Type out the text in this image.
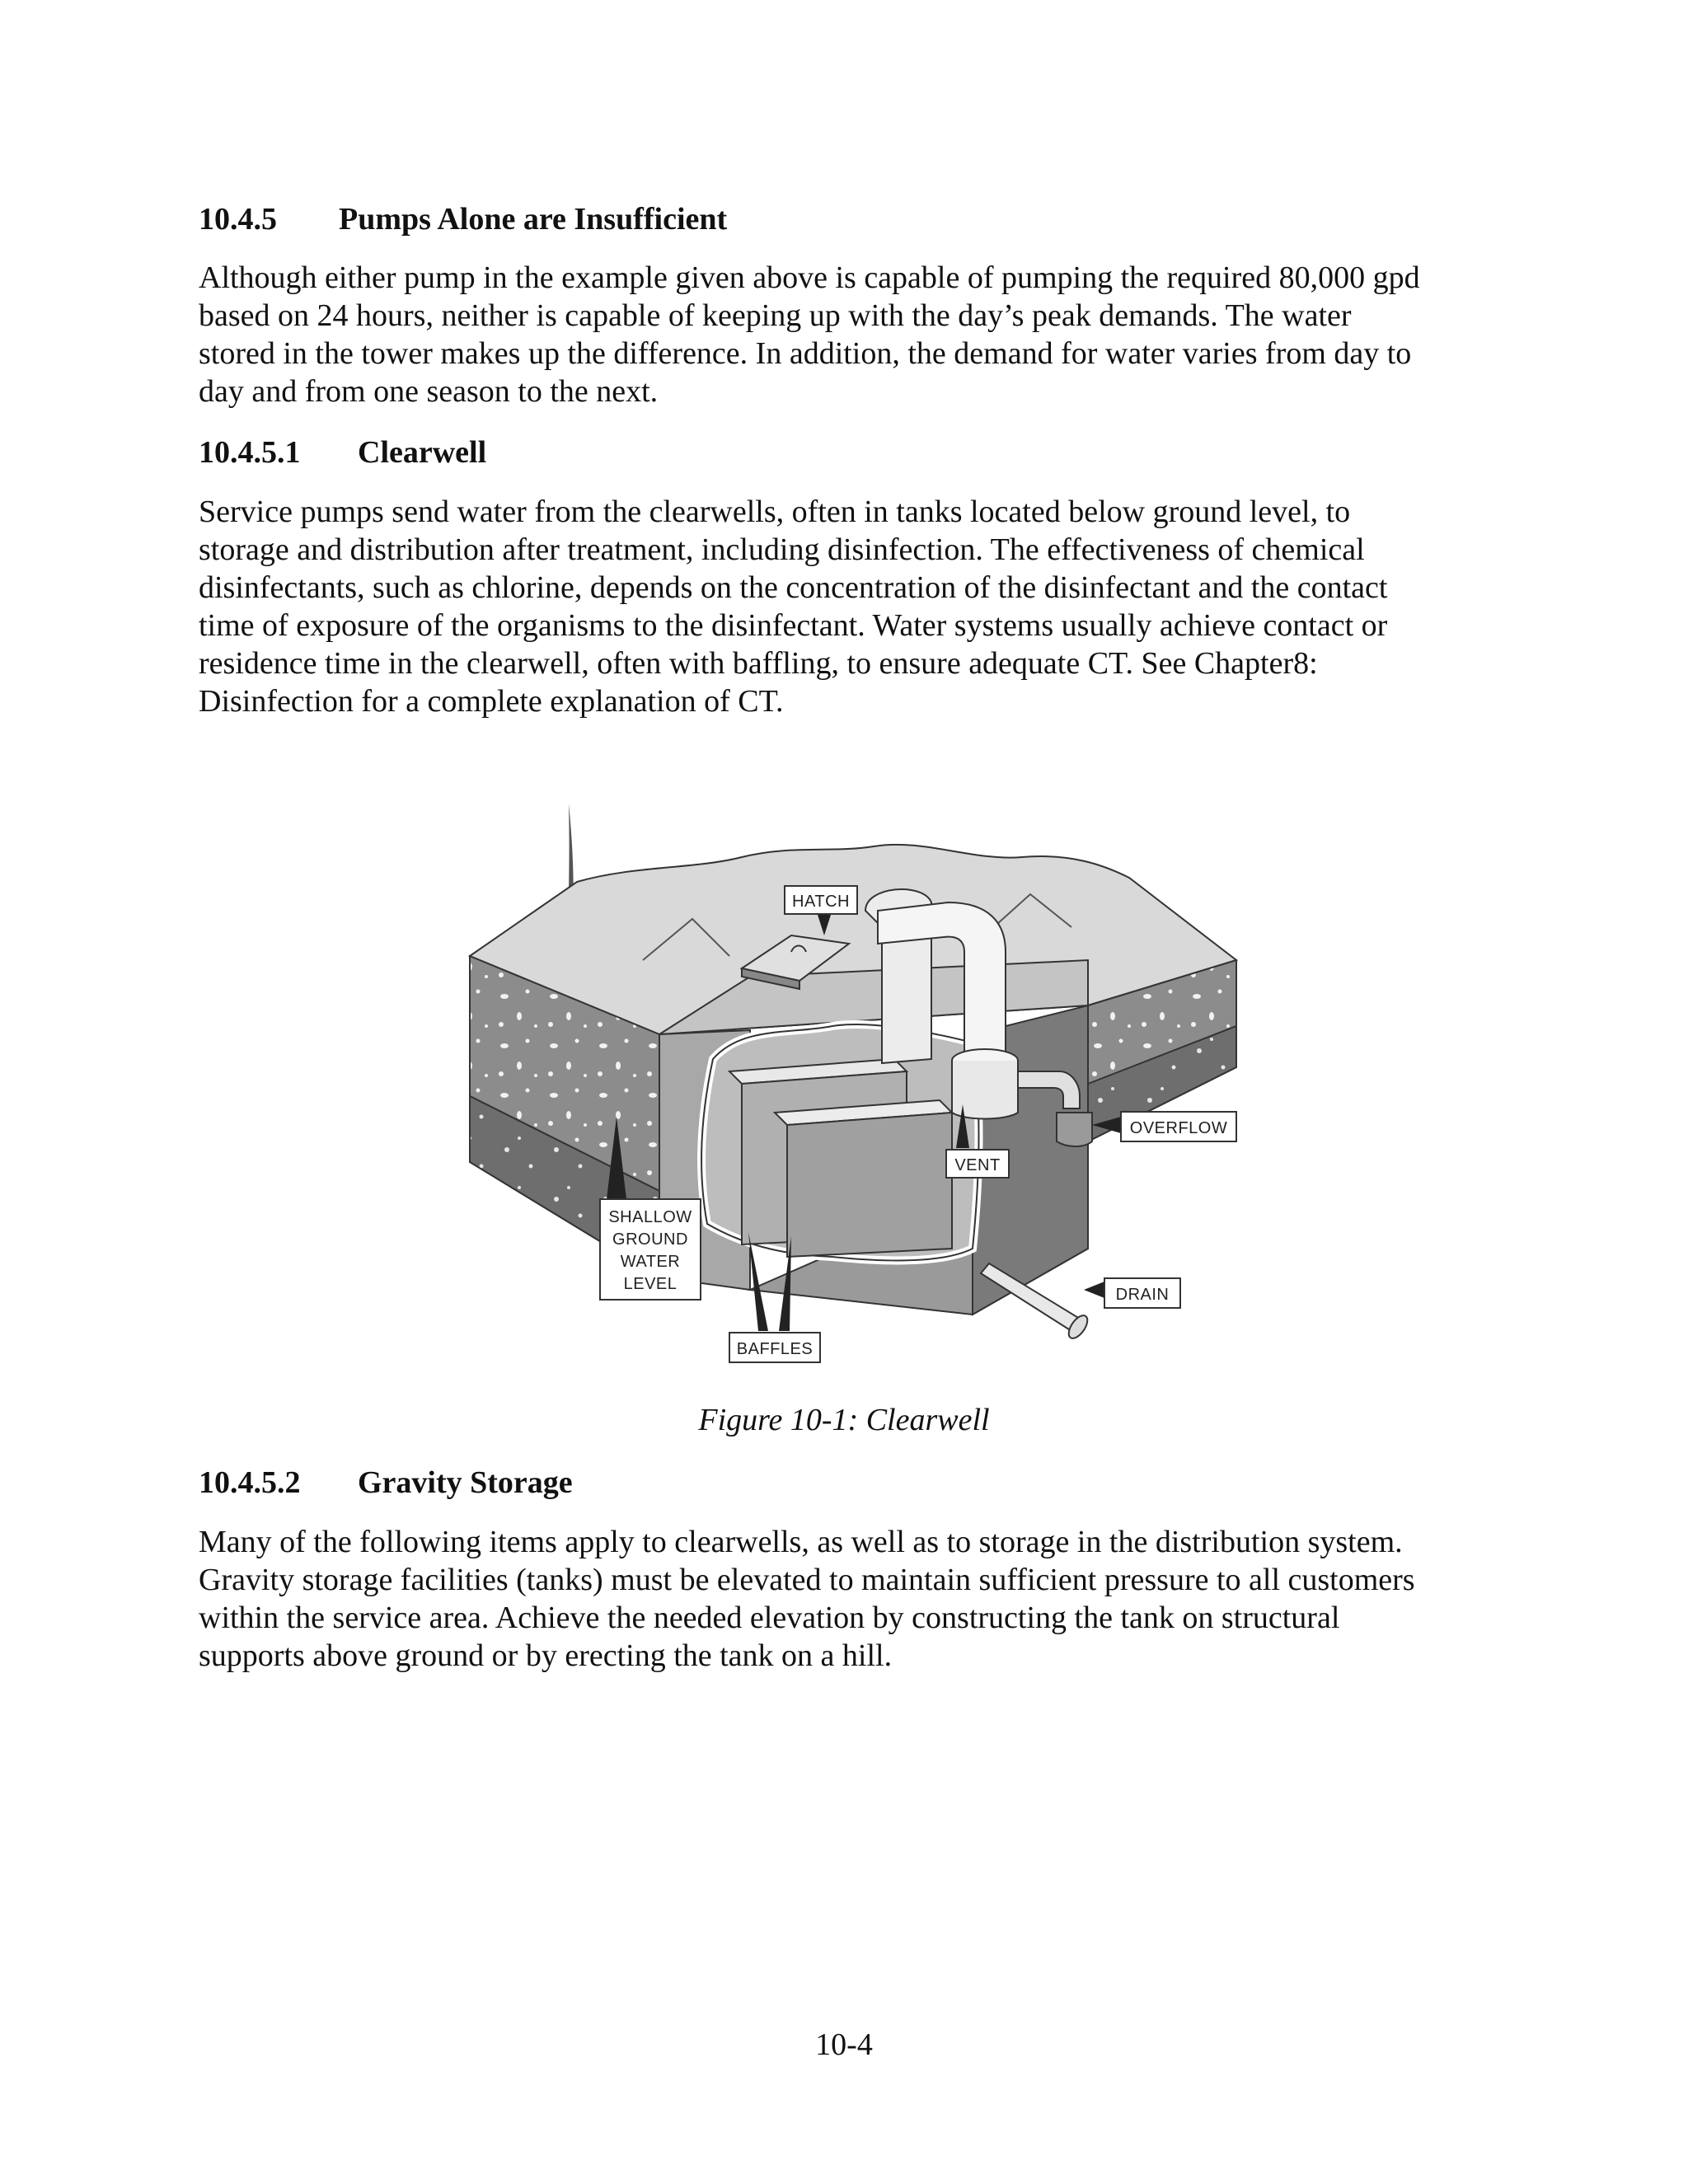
10.4.5 Pumps Alone are Insufficient
Although either pump in the example given above is capable of pumping the required 80,000 gpd
based on 24 hours, neither is capable of keeping up with the day’s peak demands. The water
stored in the tower makes up the difference. In addition, the demand for water varies from day to
day and from one season to the next.
10.4.5.1 Clearwell
Service pumps send water from the clearwells, often in tanks located below ground level, to
storage and distribution after treatment, including disinfection. The effectiveness of chemical
disinfectants, such as chlorine, depends on the concentration of the disinfectant and the contact
time of exposure of the organisms to the disinfectant. Water systems usually achieve contact or
residence time in the clearwell, often with baffling, to ensure adequate CT. See Chapter8:
Disinfection for a complete explanation of CT.
HATCH
VENT
OVERFLOW
DRAIN
BAFFLES
SHALLOW
GROUND
WATER
LEVEL
Figure 10-1: Clearwell
10.4.5.2 Gravity Storage
Many of the following items apply to clearwells, as well as to storage in the distribution system.
Gravity storage facilities (tanks) must be elevated to maintain sufficient pressure to all customers
within the service area. Achieve the needed elevation by constructing the tank on structural
supports above ground or by erecting the tank on a hill.
10-4
